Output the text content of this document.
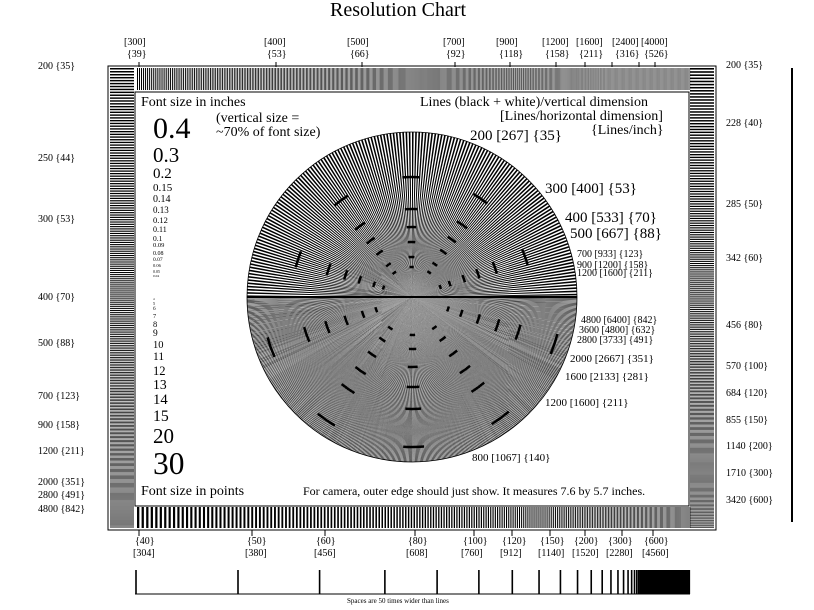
Resolution Chart
[300]
{39}
[400]
{53}
[500]
{66}
[700]
{92}
[900]
{118}
[1200]
{158}
[1600]
{211}
[2400]
{316}
[4000]
{526}
200 {35}
250 {44}
300 {53}
400 {70}
500 {88}
700 {123}
900 {158}
1200 {211}
2000 {351}
2800 {491}
4800 {842}
200 {35}
228 {40}
285 {50}
342 {60}
456 {80}
570 {100}
684 {120}
855 {150}
1140 {200}
1710 {300}
3420 {600}
{40}
[304]
{50}
[380]
{60}
[456]
{80}
[608]
{100}
[760]
{120}
[912]
{150}
[1140]
{200}
[1520]
{300}
[2280]
{600}
[4560]
Font size in inches
(vertical size =
~70% of font size)
0.4
0.3
0.2
0.15
0.14
0.13
0.12
0.11
0.1
0.09
0.08
0.07
0.06
0.05
0.04
4
5
6
7
8
9
10
11
12
13
14
15
20
30
Font size in points
Lines (black + white)/vertical dimension
[Lines/horizontal dimension]
{Lines/inch}
200 [267] {35}
300 [400] {53}
400 [533] {70}
500 [667] {88}
700 [933] {123}
900 [1200] {158}
1200 [1600] {211}
4800 [6400] {842}
3600 [4800] {632}
2800 [3733] {491}
2000 [2667] {351}
1600 [2133] {281}
1200 [1600] {211}
800 [1067] {140}
For camera, outer edge should just show. It measures 7.6 by 5.7 inches.
Spaces are 50 times wider than lines
